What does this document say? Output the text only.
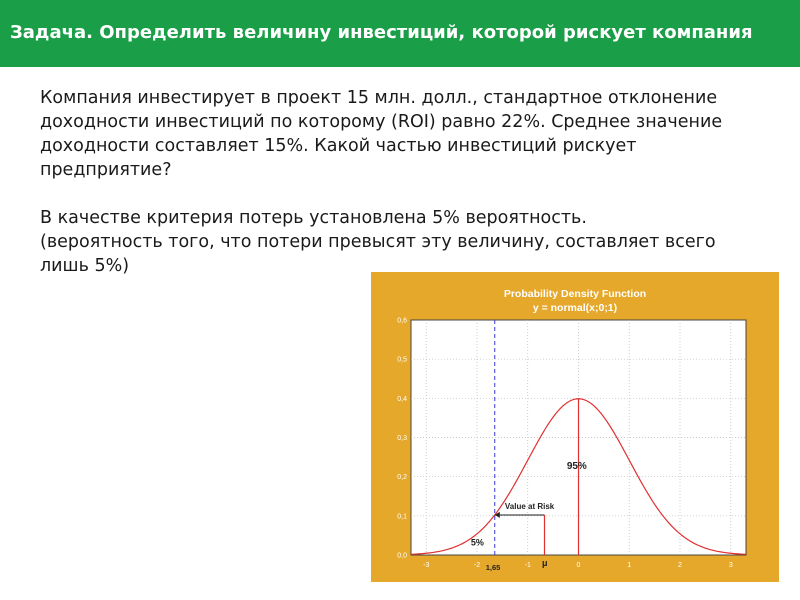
Задача. Определить величину инвестиций, которой рискует компания

Компания инвестирует в проект 15 млн. долл., стандартное отклонение доходности инвестиций по которому (ROI) равно 22%. Среднее значение доходности составляет 15%. Какой частью инвестиций рискует предприятие?

В качестве критерия потерь установлена 5% вероятность.

(вероятность того, что потери превысят эту величину, составляет всего лишь 5%)

Probability Density Function
y = normal(x;0;1)
Value at Risk
5%
95%
μ
1,65
0,0
0,1
0,2
0,3
0,4
0,5
0,6
-3	-2	-1	0	1	2	3
